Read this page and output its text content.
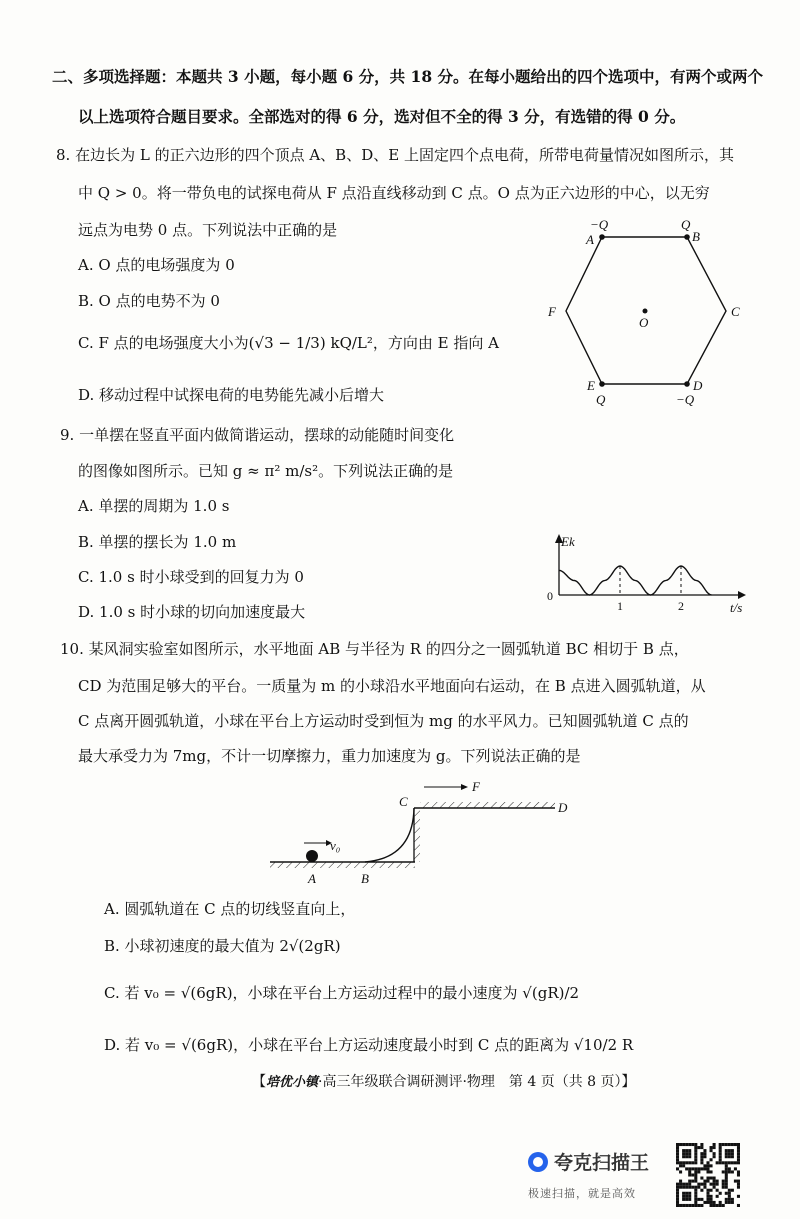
二、多项选择题：本题共 3 小题，每小题 6 分，共 18 分。在每小题给出的四个选项中，有两个或两个
以上选项符合题目要求。全部选对的得 6 分，选对但不全的得 3 分，有选错的得 0 分。
8. 在边长为 L 的正六边形的四个顶点 A、B、D、E 上固定四个点电荷，所带电荷量情况如图所示，其
中 Q > 0。将一带负电的试探电荷从 F 点沿直线移动到 C 点。O 点为正六边形的中心，以无穷
远点为电势 0 点。下列说法中正确的是
A. O 点的电场强度为 0
B. O 点的电势不为 0
C. F 点的电场强度大小为(√3 − 1/3) kQ/L²，方向由 E 指向 A
D. 移动过程中试探电荷的电势能先减小后增大
−Q
A
Q
B
C
D
−Q
E
Q
F
O
9. 一单摆在竖直平面内做简谐运动，摆球的动能随时间变化
的图像如图所示。已知 g ≈ π² m/s²。下列说法正确的是
A. 单摆的周期为 1.0 s
B. 单摆的摆长为 1.0 m
C. 1.0 s 时小球受到的回复力为 0
D. 1.0 s 时小球的切向加速度最大
Ek
t/s
0
1	2
10. 某风洞实验室如图所示，水平地面 AB 与半径为 R 的四分之一圆弧轨道 BC 相切于 B 点，
CD 为范围足够大的平台。一质量为 m 的小球沿水平地面向右运动，在 B 点进入圆弧轨道，从
C 点离开圆弧轨道，小球在平台上方运动时受到恒为 mg 的水平风力。已知圆弧轨道 C 点的
最大承受力为 7mg，不计一切摩擦力，重力加速度为 g。下列说法正确的是
v₀
F
A	B
C	D
A. 圆弧轨道在 C 点的切线竖直向上，
B. 小球初速度的最大值为 2√(2gR)
C. 若 v₀ = √(6gR)，小球在平台上方运动过程中的最小速度为 √(gR)/2
D. 若 v₀ = √(6gR)，小球在平台上方运动速度最小时到 C 点的距离为 √10/2 R
【培优小镇·高三年级联合调研测评·物理　第 4 页（共 8 页）】
夸克扫描王
极速扫描，就是高效
